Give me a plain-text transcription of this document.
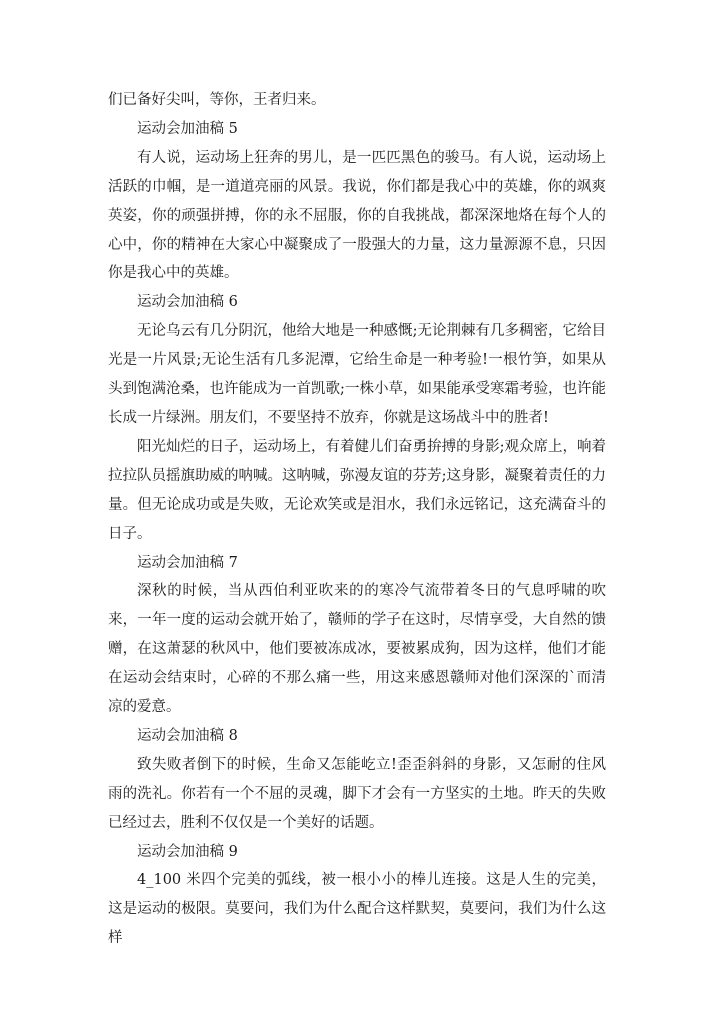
们已备好尖叫，等你，王者归来。

运动会加油稿 5

有人说，运动场上狂奔的男儿，是一匹匹黑色的骏马。有人说，运动场上活跃的巾帼，是一道道亮丽的风景。我说，你们都是我心中的英雄，你的飒爽英姿，你的顽强拼搏，你的永不屈服，你的自我挑战，都深深地烙在每个人的心中，你的精神在大家心中凝聚成了一股强大的力量，这力量源源不息，只因你是我心中的英雄。

运动会加油稿 6

无论乌云有几分阴沉，他给大地是一种感慨;无论荆棘有几多稠密，它给目光是一片风景;无论生活有几多泥潭，它给生命是一种考验!一根竹笋，如果从头到饱满沧桑，也许能成为一首凯歌;一株小草，如果能承受寒霜考验，也许能长成一片绿洲。朋友们，不要坚持不放弃，你就是这场战斗中的胜者!

阳光灿烂的日子，运动场上，有着健儿们奋勇拚搏的身影;观众席上，响着拉拉队员摇旗助威的呐喊。这呐喊，弥漫友谊的芬芳;这身影，凝聚着责任的力量。但无论成功或是失败，无论欢笑或是泪水，我们永远铭记，这充满奋斗的日子。

运动会加油稿 7

深秋的时候，当从西伯利亚吹来的的寒冷气流带着冬日的气息呼啸的吹来，一年一度的运动会就开始了，赣师的学子在这时，尽情享受，大自然的馈赠，在这萧瑟的秋风中，他们要被冻成冰，要被累成狗，因为这样，他们才能在运动会结束时，心碎的不那么痛一些，用这来感恩赣师对他们深深的`而清凉的爱意。

运动会加油稿 8

致失败者倒下的时候，生命又怎能屹立!歪歪斜斜的身影，又怎耐的住风雨的洗礼。你若有一个不屈的灵魂，脚下才会有一方坚实的土地。昨天的失败已经过去，胜利不仅仅是一个美好的话题。

运动会加油稿 9

4_100 米四个完美的弧线，被一根小小的棒儿连接。这是人生的完美，这是运动的极限。莫要问，我们为什么配合这样默契，莫要问，我们为什么这样
